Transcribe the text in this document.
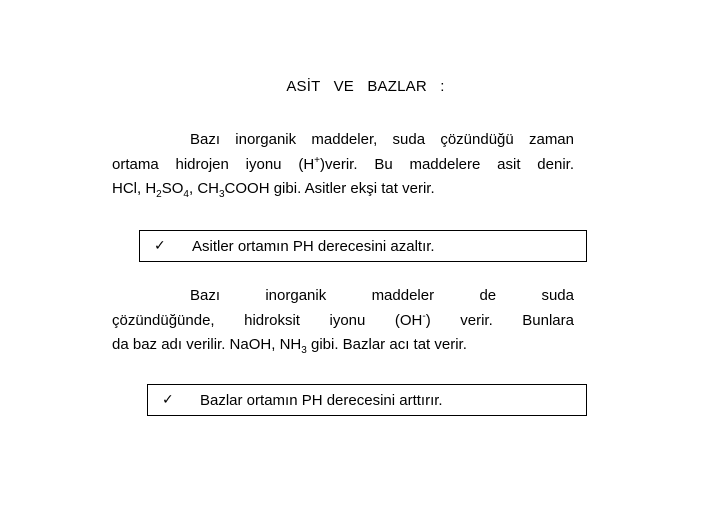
ASİT VE BAZLAR :
Bazı inorganik maddeler, suda çözündüğü zaman
ortama hidrojen iyonu (H+)verir. Bu maddelere asit denir.
HCl, $H_2SO_4$, $CH_3COOH$ gibi. Asitler ekşi tat verir.
✓ Asitler ortamın PH derecesini azaltır.
Bazı inorganik maddeler de suda
çözündüğünde, hidroksit iyonu (OH-) verir. Bunlara
da baz adı verilir. NaOH, $NH_3$ gibi. Bazlar acı tat verir.
✓ Bazlar ortamın PH derecesini arttırır.
